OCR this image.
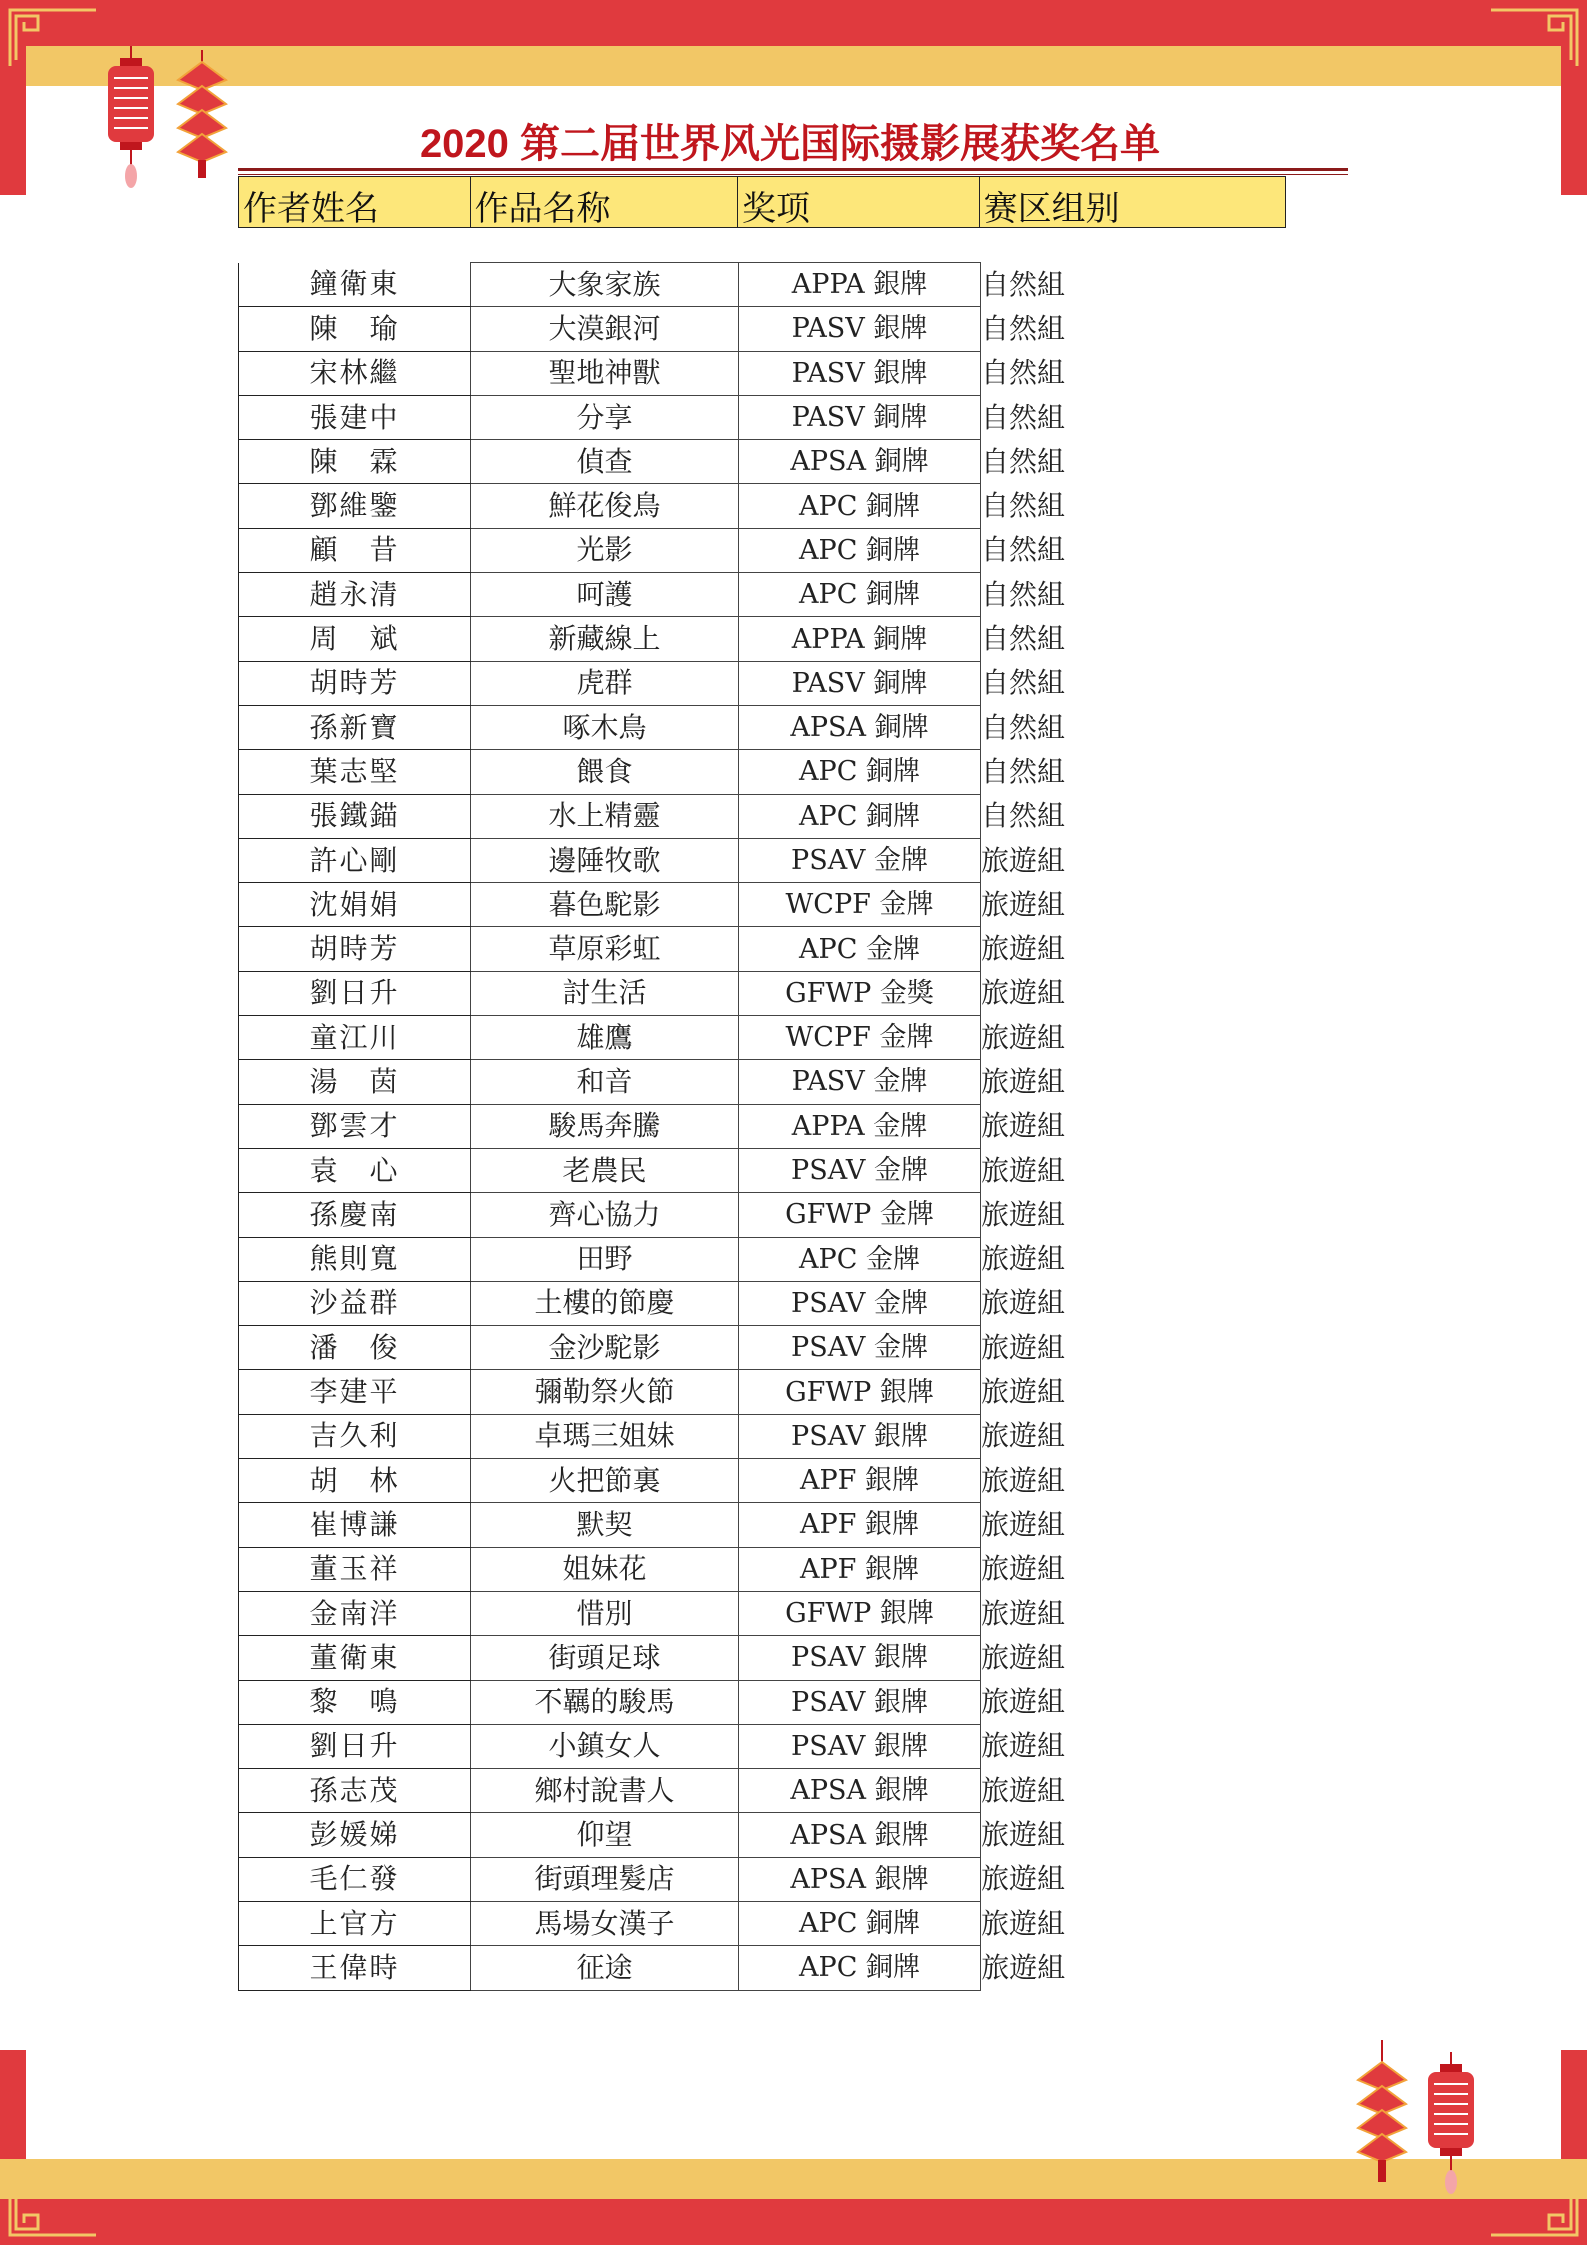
2020 第二届世界风光国际摄影展获奖名单
作者姓名	作品名称	奖项	赛区组别
鐘衛東	大象家族	APPA 銀牌	自然組
陳　瑜	大漠銀河	PASV 銀牌	自然組
宋林繼	聖地神獸	PASV 銀牌	自然組
張建中	分享	PASV 銅牌	自然組
陳　霖	偵查	APSA 銅牌	自然組
鄧維鑒	鮮花俊鳥	APC 銅牌	自然組
顧　昔	光影	APC 銅牌	自然組
趙永清	呵護	APC 銅牌	自然組
周　斌	新藏線上	APPA 銅牌	自然組
胡時芳	虎群	PASV 銅牌	自然組
孫新寶	啄木鳥	APSA 銅牌	自然組
葉志堅	餵食	APC 銅牌	自然組
張鐵錨	水上精靈	APC 銅牌	自然組
許心剛	邊陲牧歌	PSAV 金牌	旅遊組
沈娟娟	暮色駝影	WCPF 金牌	旅遊組
胡時芳	草原彩虹	APC 金牌	旅遊組
劉日升	討生活	GFWP 金獎	旅遊組
童江川	雄鷹	WCPF 金牌	旅遊組
湯　茵	和音	PASV 金牌	旅遊組
鄧雲才	駿馬奔騰	APPA 金牌	旅遊組
袁　心	老農民	PSAV 金牌	旅遊組
孫慶南	齊心協力	GFWP 金牌	旅遊組
熊則寬	田野	APC 金牌	旅遊組
沙益群	土樓的節慶	PSAV 金牌	旅遊組
潘　俊	金沙駝影	PSAV 金牌	旅遊組
李建平	彌勒祭火節	GFWP 銀牌	旅遊組
吉久利	卓瑪三姐妹	PSAV 銀牌	旅遊組
胡　林	火把節裏	APF 銀牌	旅遊組
崔博謙	默契	APF 銀牌	旅遊組
董玉祥	姐妹花	APF 銀牌	旅遊組
金南洋	惜別	GFWP 銀牌	旅遊組
董衛東	街頭足球	PSAV 銀牌	旅遊組
黎　鳴	不羈的駿馬	PSAV 銀牌	旅遊組
劉日升	小鎮女人	PSAV 銀牌	旅遊組
孫志茂	鄉村說書人	APSA 銀牌	旅遊組
彭媛娣	仰望	APSA 銀牌	旅遊組
毛仁發	街頭理髮店	APSA 銀牌	旅遊組
上官方	馬場女漢子	APC 銅牌	旅遊組
王偉時	征途	APC 銅牌	旅遊組
